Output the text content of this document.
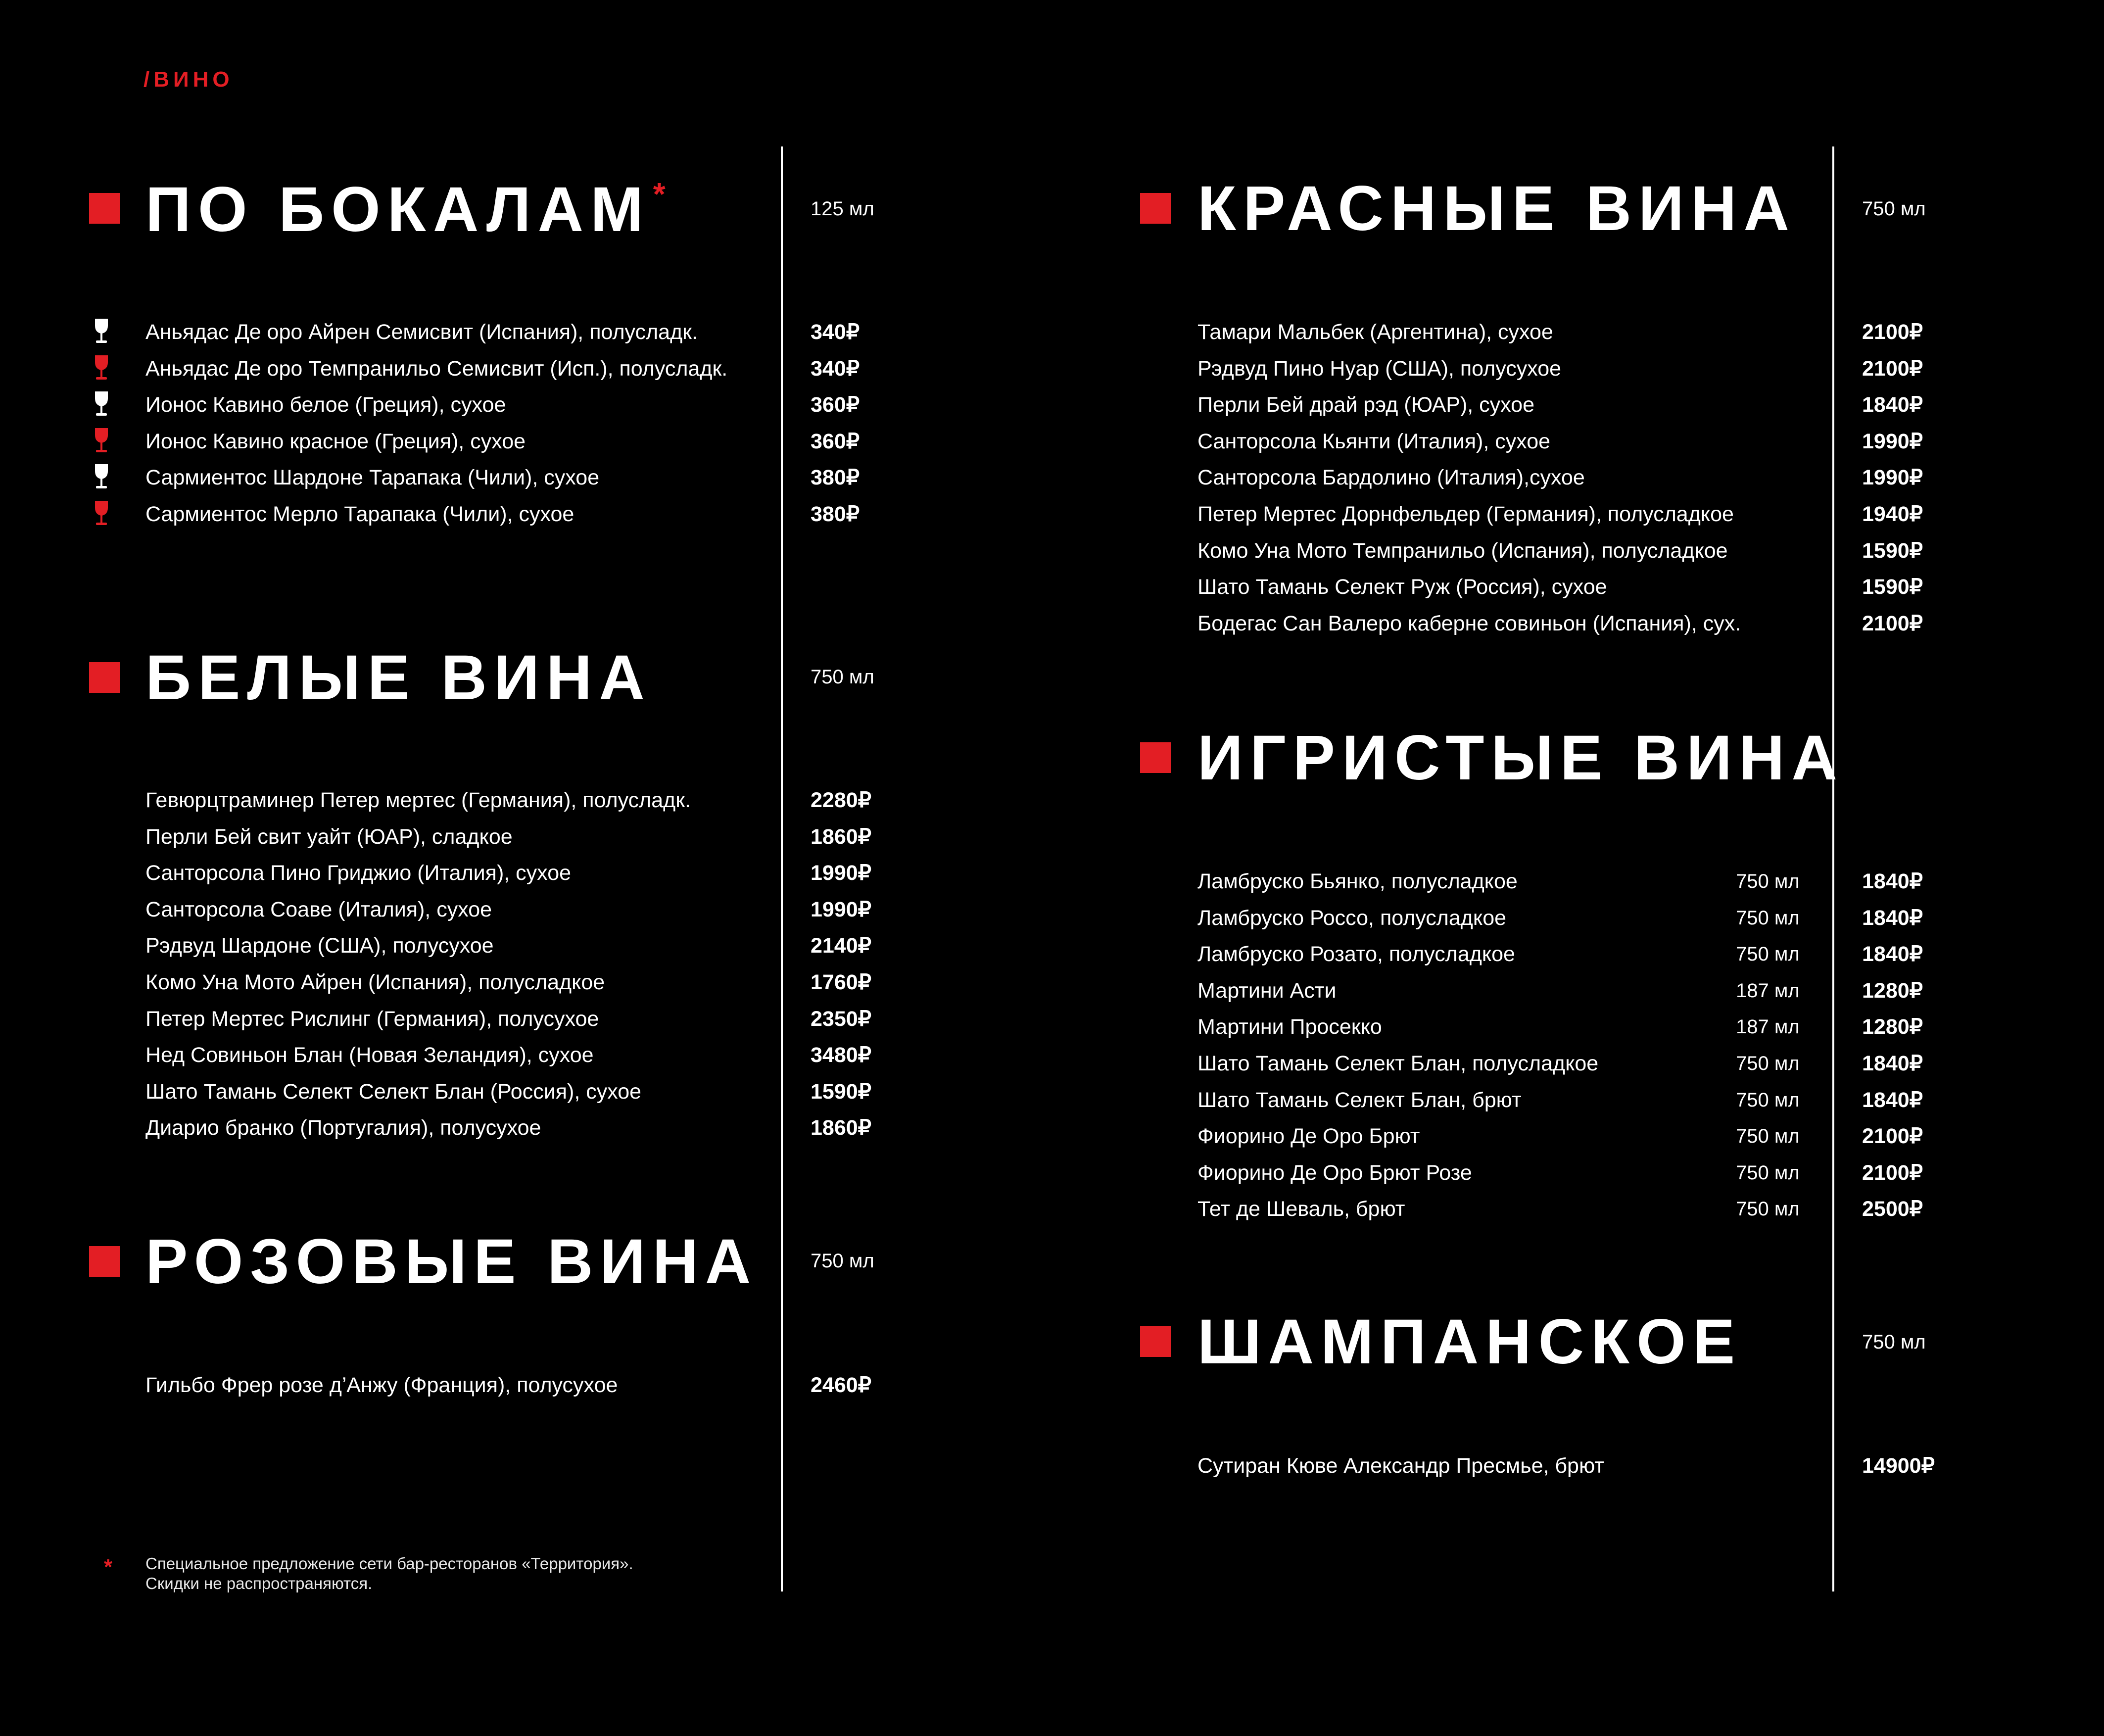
/ВИНО
ПО БОКАЛАМ*	125 мл
Аньядас Де оро Айрен Семисвит (Испания), полусладк.	340₽
Аньядас Де оро Темпранильо Семисвит (Исп.), полусладк.	340₽
Ионос Кавино белое (Греция), сухое	360₽
Ионос Кавино красное (Греция), сухое	360₽
Сармиентос Шардоне Тарапака (Чили), сухое	380₽
Сармиентос Мерло Тарапака (Чили), сухое	380₽
БЕЛЫЕ ВИНА	750 мл
Гевюрцтраминер Петер мертес (Германия), полусладк.	2280₽
Перли Бей свит уайт (ЮАР), сладкое	1860₽
Санторсола Пино Гриджио (Италия), сухое	1990₽
Санторсола Соаве (Италия), сухое	1990₽
Рэдвуд Шардоне (США), полусухое	2140₽
Комо Уна Мото Айрен (Испания), полусладкое	1760₽
Петер Мертес Рислинг (Германия), полусухое	2350₽
Нед Совиньон Блан (Новая Зеландия), сухое	3480₽
Шато Тамань Селект Селект Блан (Россия), сухое	1590₽
Диарио бранко (Португалия), полусухое	1860₽
РОЗОВЫЕ ВИНА	750 мл
Гильбо Фрер розе д’Анжу (Франция), полусухое	2460₽
КРАСНЫЕ ВИНА	750 мл
Тамари Мальбек (Аргентина), сухое	2100₽
Рэдвуд Пино Нуар (США), полусухое	2100₽
Перли Бей драй рэд (ЮАР), сухое	1840₽
Санторсола Кьянти (Италия), сухое	1990₽
Санторсола Бардолино (Италия),сухое	1990₽
Петер Мертес Дорнфельдер (Германия), полусладкое	1940₽
Комо Уна Мото Темпранильо (Испания), полусладкое	1590₽
Шато Тамань Селект Руж (Россия), сухое	1590₽
Бодегас Сан Валеро каберне совиньон (Испания), сух.	2100₽
ИГРИСТЫЕ ВИНА
Ламбруско Бьянко, полусладкое	750 мл	1840₽
Ламбруско Россо, полусладкое	750 мл	1840₽
Ламбруско Розато, полусладкое	750 мл	1840₽
Мартини Асти	187 мл	1280₽
Мартини Просекко	187 мл	1280₽
Шато Тамань Селект Блан, полусладкое	750 мл	1840₽
Шато Тамань Селект Блан, брют	750 мл	1840₽
Фиорино Де Оро Брют	750 мл	2100₽
Фиорино Де Оро Брют Розе	750 мл	2100₽
Тет де Шеваль, брют	750 мл	2500₽
ШАМПАНСКОЕ	750 мл
Сутиран Кюве Александр Пресмье, брют	14900₽
* Специальное предложение сети бар-ресторанов «Территория».
Скидки не распространяются.
